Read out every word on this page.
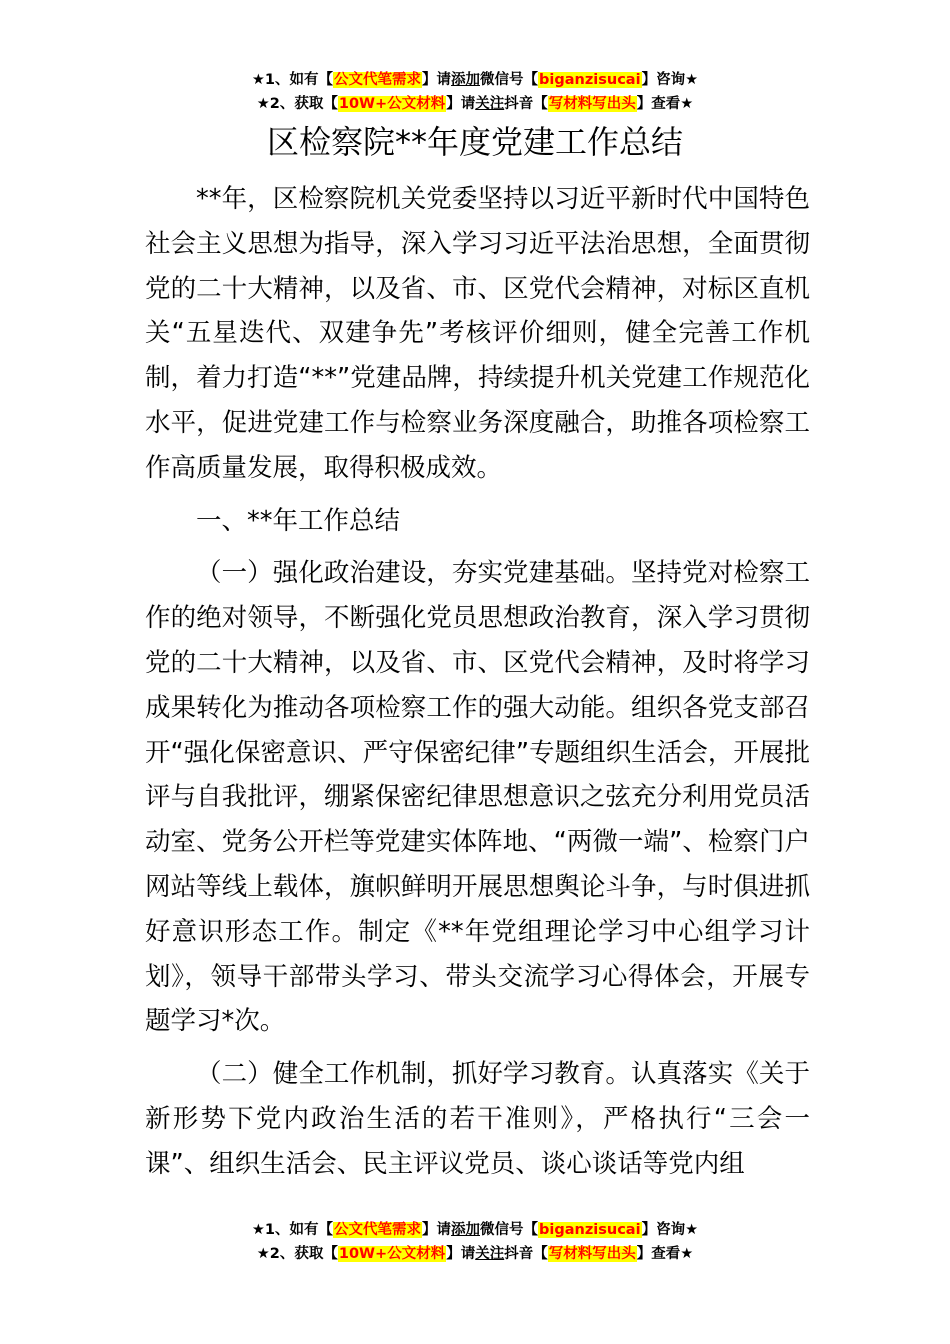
★1、如有【公文代笔需求】请添加微信号【biganzisucai】咨询★
★2、获取【10W+公文材料】请关注抖音【写材料写出头】查看★
区检察院**年度党建工作总结

**年，区检察院机关党委坚持以习近平新时代中国特色社会主义思想为指导，深入学习习近平法治思想，全面贯彻党的二十大精神，以及省、市、区党代会精神，对标区直机关“五星迭代、双建争先”考核评价细则，健全完善工作机制，着力打造“**”党建品牌，持续提升机关党建工作规范化水平，促进党建工作与检察业务深度融合，助推各项检察工作高质量发展，取得积极成效。

一、**年工作总结

（一）强化政治建设，夯实党建基础。坚持党对检察工作的绝对领导，不断强化党员思想政治教育，深入学习贯彻党的二十大精神，以及省、市、区党代会精神，及时将学习成果转化为推动各项检察工作的强大动能。组织各党支部召开“强化保密意识、严守保密纪律”专题组织生活会，开展批评与自我批评，绷紧保密纪律思想意识之弦充分利用党员活动室、党务公开栏等党建实体阵地、“两微一端”、检察门户网站等线上载体，旗帜鲜明开展思想舆论斗争，与时俱进抓好意识形态工作。制定《**年党组理论学习中心组学习计划》，领导干部带头学习、带头交流学习心得体会，开展专题学习*次。

（二）健全工作机制，抓好学习教育。认真落实《关于新形势下党内政治生活的若干准则》，严格执行“三会一课”、组织生活会、民主评议党员、谈心谈话等党内组

★1、如有【公文代笔需求】请添加微信号【biganzisucai】咨询★
★2、获取【10W+公文材料】请关注抖音【写材料写出头】查看★
